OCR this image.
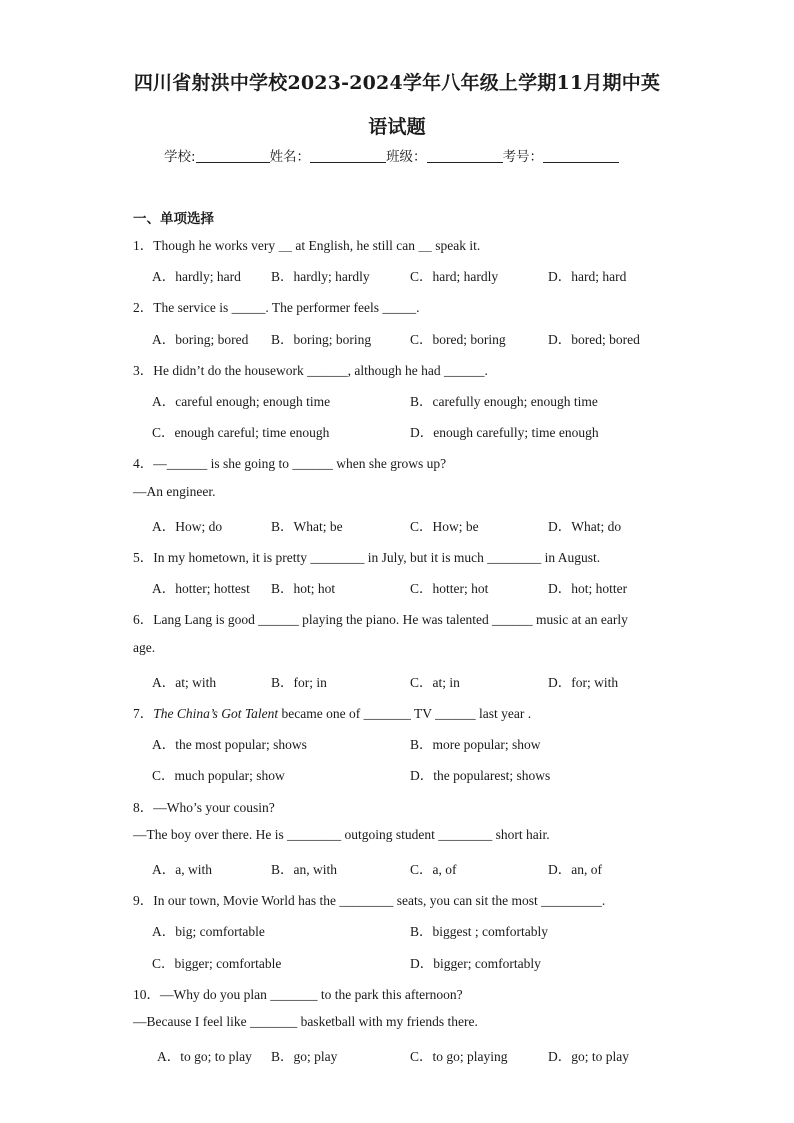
四川省射洪中学校2023-2024学年八年级上学期11月期中英
语试题
学校:	姓名：	班级：	考号：
一、单项选择
1．Though he works very ＿ at English, he still can ＿ speak it.
A．hardly; hard B．hardly; hardly	C．hard; hardly	D．hard; hard
2．The service is _____. The performer feels _____.
A．boring; bored B．boring; boring	C．bored; boring	D．bored; bored
3．He didn’t do the housework ______, although he had ______.
A．careful enough; enough time	B．carefully enough; enough time
C．enough careful; time enough	D．enough carefully; time enough
4．—______ is she going to ______ when she grows up?
—An engineer.
A．How; do	B．What; be	C．How; be	D．What; do
5．In my hometown, it is pretty ________ in July, but it is much ________ in August.
A．hotter; hottest B．hot; hot	C．hotter; hot	D．hot; hotter
6．Lang Lang is good ______ playing the piano. He was talented ______ music at an early
age.
A．at; with	B．for; in	C．at; in	D．for; with
7．The China’s Got Talent became one of _______ TV ______ last year .
A．the most popular; shows	B．more popular; show
C．much popular; show	D．the popularest; shows
8．—Who’s your cousin?
—The boy over there. He is ________ outgoing student ________ short hair.
A．a, with	B．an, with	C．a, of	D．an, of
9．In our town, Movie World has the ________ seats, you can sit the most _________.
A．big; comfortable	B．biggest ; comfortably
C．bigger; comfortable	D．bigger; comfortably
10．—Why do you plan _______ to the park this afternoon?
—Because I feel like _______ basketball with my friends there.
A．to go; to play B．go; play	C．to go; playing	D．go; to play
